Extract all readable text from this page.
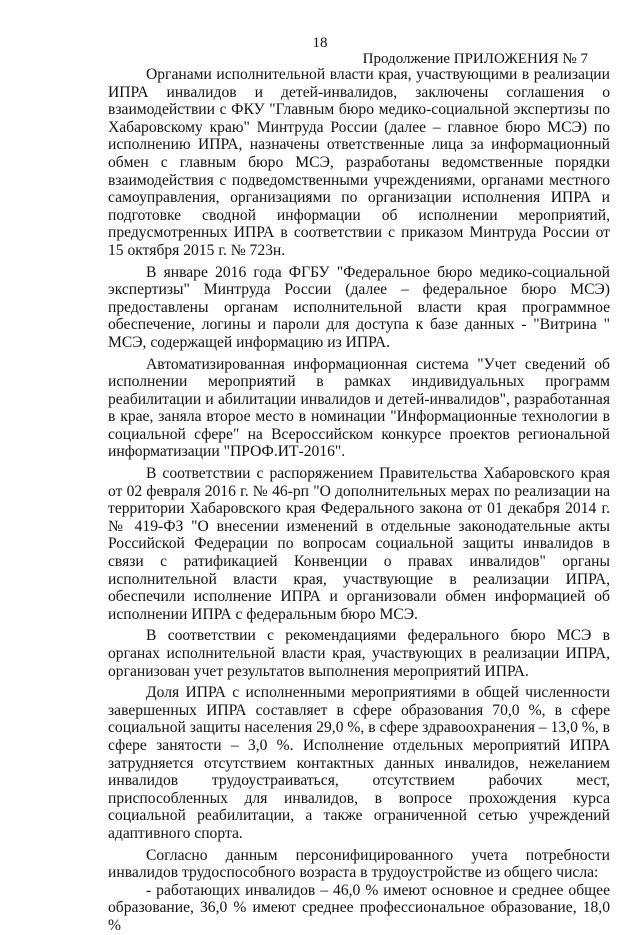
18
Продолжение ПРИЛОЖЕНИЯ № 7

Органами исполнительной власти края, участвующими в реализации ИПРА инвалидов и детей-инвалидов, заключены соглашения о взаимодействии с ФКУ "Главным бюро медико-социальной экспертизы по Хабаровскому краю" Минтруда России (далее – главное бюро МСЭ) по исполнению ИПРА, назначены ответственные лица за информационный обмен с главным бюро МСЭ, разработаны ведомственные порядки взаимодействия с подведомственными учреждениями, органами местного самоуправления, организациями по организации исполнения ИПРА и подготовке сводной информации об исполнении мероприятий, предусмотренных ИПРА в соответствии с приказом Минтруда России от 15 октября 2015 г. № 723н.

В январе 2016 года ФГБУ "Федеральное бюро медико-социальной экспертизы" Минтруда России (далее – федеральное бюро МСЭ) предоставлены органам исполнительной власти края программное обеспечение, логины и пароли для доступа к базе данных - "Витрина " МСЭ, содержащей информацию из ИПРА.

Автоматизированная информационная система "Учет сведений об исполнении мероприятий в рамках индивидуальных программ реабилитации и абилитации инвалидов и детей-инвалидов", разработанная в крае, заняла второе место в номинации "Информационные технологии в социальной сфере" на Всероссийском конкурсе проектов региональной информатизации "ПРОФ.ИТ-2016".

В соответствии с распоряжением Правительства Хабаровского края от 02 февраля 2016 г. № 46-рп "О дополнительных мерах по реализации на территории Хабаровского края Федерального закона от 01 декабря 2014 г. № 419-ФЗ "О внесении изменений в отдельные законодательные акты Российской Федерации по вопросам социальной защиты инвалидов в связи с ратификацией Конвенции о правах инвалидов" органы исполнительной власти края, участвующие в реализации ИПРА, обеспечили исполнение ИПРА и организовали обмен информацией об исполнении ИПРА с федеральным бюро МСЭ.

В соответствии с рекомендациями федерального бюро МСЭ в органах исполнительной власти края, участвующих в реализации ИПРА, организован учет результатов выполнения мероприятий ИПРА.

Доля ИПРА с исполненными мероприятиями в общей численности завершенных ИПРА составляет в сфере образования 70,0 %, в сфере социальной защиты населения 29,0 %, в сфере здравоохранения – 13,0 %, в сфере занятости – 3,0 %. Исполнение отдельных мероприятий ИПРА затрудняется отсутствием контактных данных инвалидов, нежеланием инвалидов трудоустраиваться, отсутствием рабочих мест, приспособленных для инвалидов, в вопросе прохождения курса социальной реабилитации, а также ограниченной сетью учреждений адаптивного спорта.

Согласно данным персонифицированного учета потребности инвалидов трудоспособного возраста в трудоустройстве из общего числа:

- работающих инвалидов – 46,0 % имеют основное и среднее общее образование, 36,0 % имеют среднее профессиональное образование, 18,0 %
